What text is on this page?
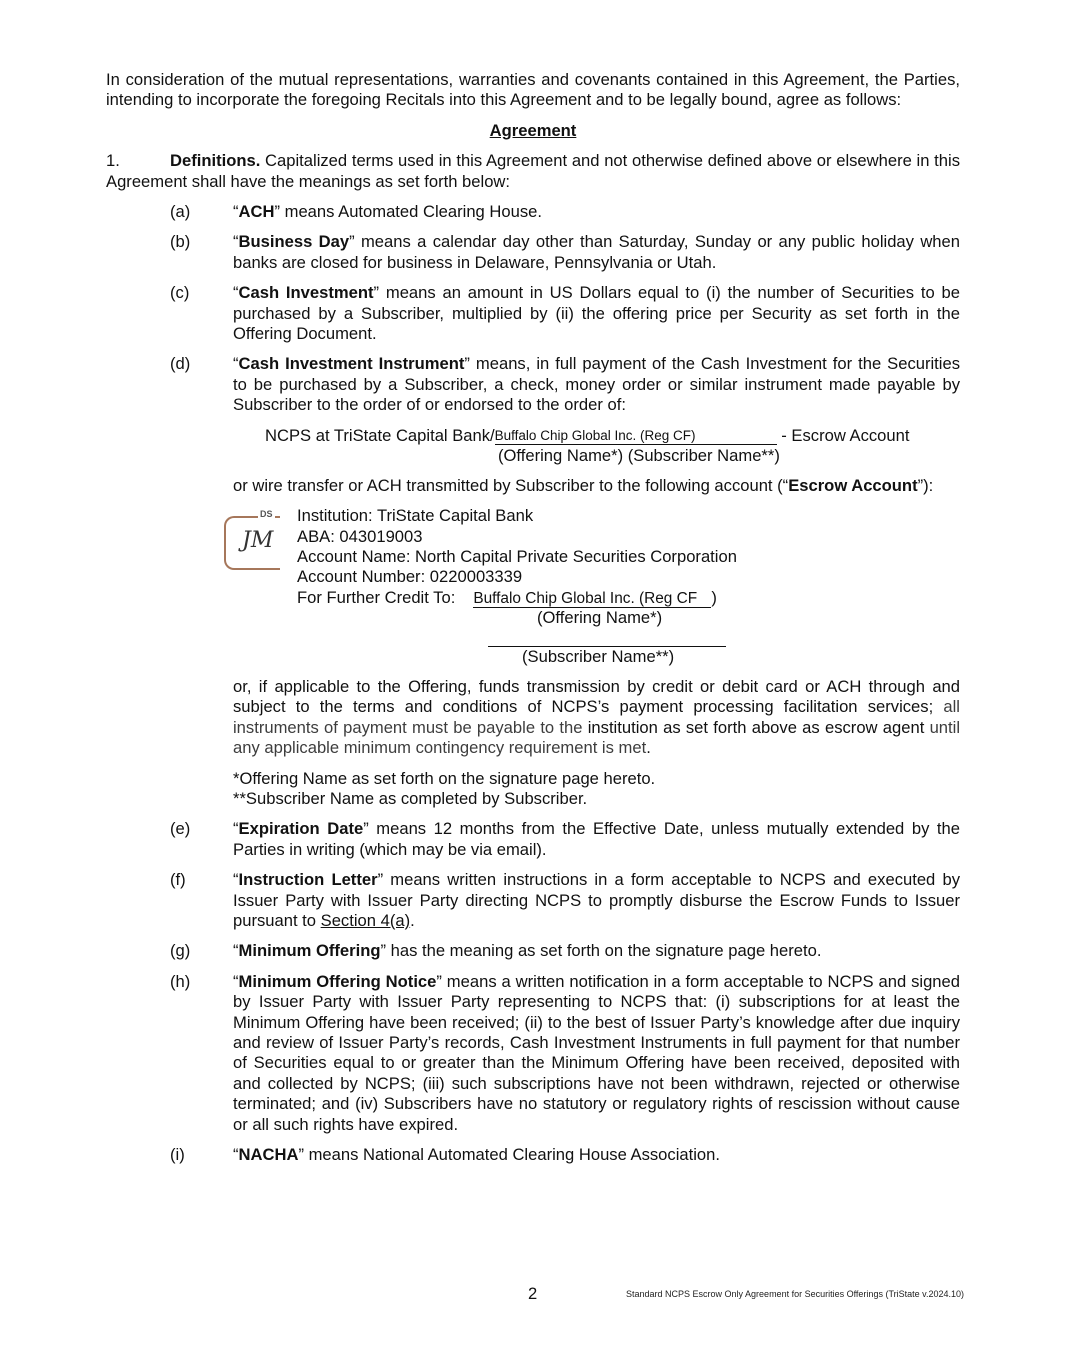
In consideration of the mutual representations, warranties and covenants contained in this Agreement, the Parties, intending to incorporate the foregoing Recitals into this Agreement and to be legally bound, agree as follows:

Agreement

1.	Definitions. Capitalized terms used in this Agreement and not otherwise defined above or elsewhere in this Agreement shall have the meanings as set forth below:

(a)	“ACH” means Automated Clearing House.

(b)	“Business Day” means a calendar day other than Saturday, Sunday or any public holiday when banks are closed for business in Delaware, Pennsylvania or Utah.

(c)	“Cash Investment” means an amount in US Dollars equal to (i) the number of Securities to be purchased by a Subscriber, multiplied by (ii) the offering price per Security as set forth in the Offering Document.

(d)	“Cash Investment Instrument” means, in full payment of the Cash Investment for the Securities to be purchased by a Subscriber, a check, money order or similar instrument made payable by Subscriber to the order of or endorsed to the order of:

NCPS at TriState Capital Bank/Buffalo Chip Global Inc. (Reg CF)	- Escrow Account
(Offering Name*) (Subscriber Name**)

or wire transfer or ACH transmitted by Subscriber to the following account (“Escrow Account”):

DS
JM
Institution: TriState Capital Bank
ABA: 043019003
Account Name: North Capital Private Securities Corporation
Account Number: 0220003339
For Further Credit To: Buffalo Chip Global Inc. (Reg CF )
(Offering Name*)
(Subscriber Name**)

or, if applicable to the Offering, funds transmission by credit or debit card or ACH through and subject to the terms and conditions of NCPS’s payment processing facilitation services; all instruments of payment must be payable to the institution as set forth above as escrow agent until any applicable minimum contingency requirement is met.

*Offering Name as set forth on the signature page hereto.
**Subscriber Name as completed by Subscriber.

(e)	“Expiration Date” means 12 months from the Effective Date, unless mutually extended by the Parties in writing (which may be via email).

(f)	“Instruction Letter” means written instructions in a form acceptable to NCPS and executed by Issuer Party with Issuer Party directing NCPS to promptly disburse the Escrow Funds to Issuer pursuant to Section 4(a).

(g)	“Minimum Offering” has the meaning as set forth on the signature page hereto.

(h)	“Minimum Offering Notice” means a written notification in a form acceptable to NCPS and signed by Issuer Party with Issuer Party representing to NCPS that: (i) subscriptions for at least the Minimum Offering have been received; (ii) to the best of Issuer Party’s knowledge after due inquiry and review of Issuer Party’s records, Cash Investment Instruments in full payment for that number of Securities equal to or greater than the Minimum Offering have been received, deposited with and collected by NCPS; (iii) such subscriptions have not been withdrawn, rejected or otherwise terminated; and (iv) Subscribers have no statutory or regulatory rights of rescission without cause or all such rights have expired.

(i)	“NACHA” means National Automated Clearing House Association.

2	Standard NCPS Escrow Only Agreement for Securities Offerings (TriState v.2024.10)
